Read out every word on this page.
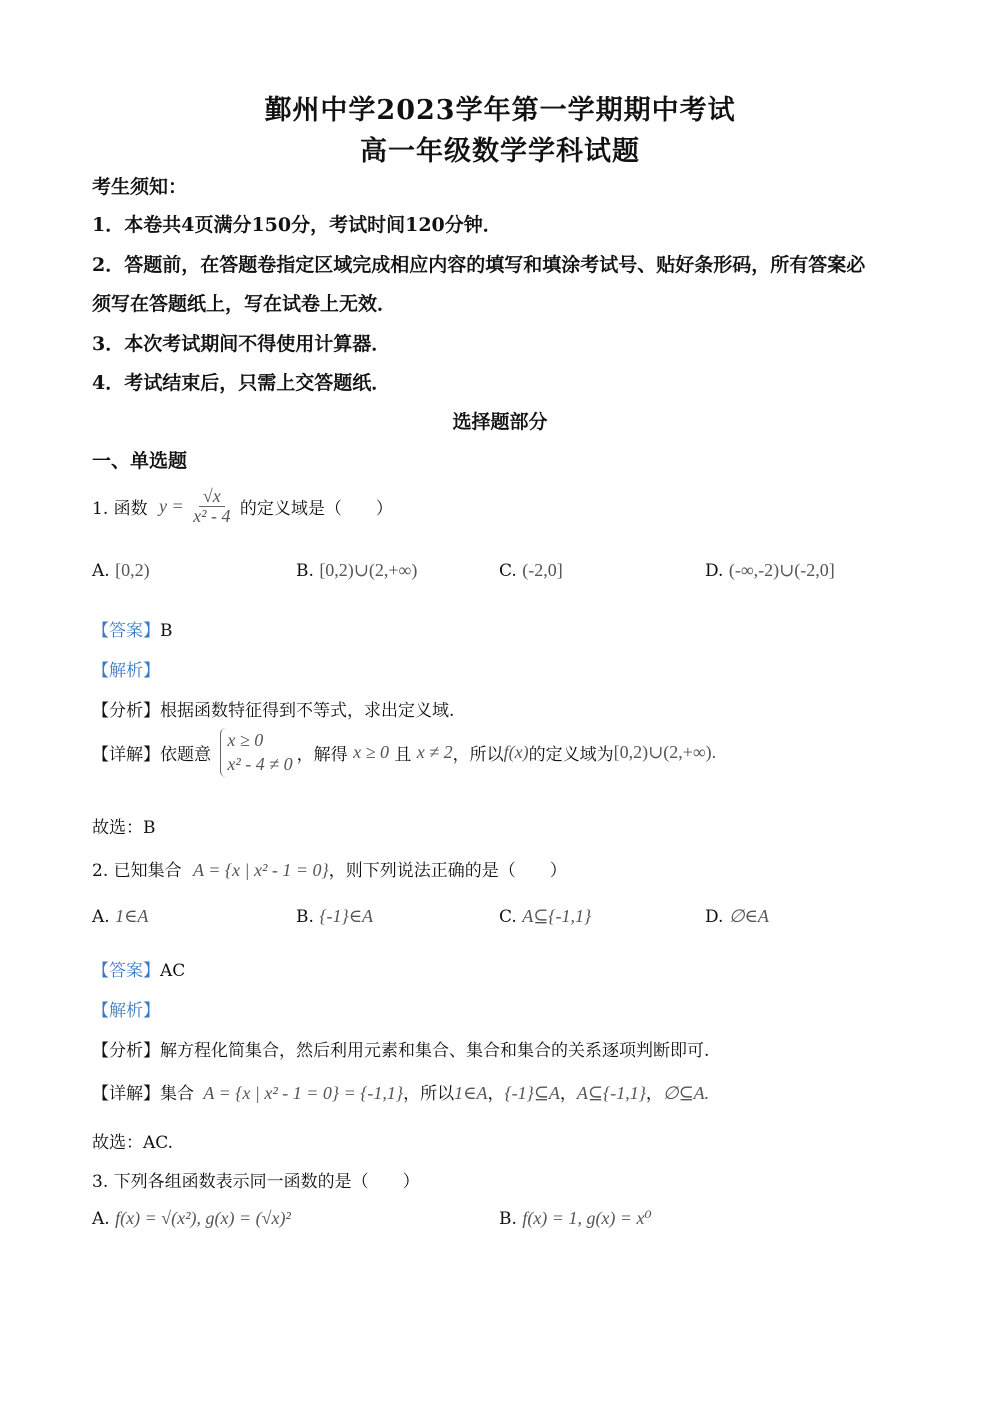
鄞州中学2023学年第一学期期中考试
高一年级数学学科试题
考生须知：
1．本卷共4页满分150分，考试时间120分钟．
2．答题前，在答题卷指定区域完成相应内容的填写和填涂考试号、贴好条形码，所有答案必
须写在答题纸上，写在试卷上无效．
3．本次考试期间不得使用计算器．
4．考试结束后，只需上交答题纸．
选择题部分
一、单选题
1. 函数 $y = \frac{√x}{\text{x² - 4}}$ 的定义域是（　　）
A. [0,2)	B. [0,2)∪(2,+∞)	C. (-2,0]	D. (-∞,-2)∪(-2,0]
【答案】B
【解析】
【分析】根据函数特征得到不等式，求出定义域.
【详解】依题意
x ≥ 0
x² - 4 ≠ 0 ，解得 x ≥ 0 且 x ≠ 2，所以f(x)的定义域为[0,2)∪(2,+∞).
故选：B
2. 已知集合 A = {x | x² - 1 = 0}，则下列说法正确的是（　　）
A. 1∈A	B. {-1}∈A	C. A⊆{-1,1}	D. ∅∈A
【答案】AC
【解析】
【分析】解方程化简集合，然后利用元素和集合、集合和集合的关系逐项判断即可.
【详解】集合 A = {x | x² - 1 = 0} = {-1,1}，所以1∈A，{-1}⊆A，A⊆{-1,1}，∅⊆A.
故选：AC.
3. 下列各组函数表示同一函数的是（　　）
A. f(x) = √(x²), g(x) = (√x)²	B. f(x) = 1, g(x) = x⁰
